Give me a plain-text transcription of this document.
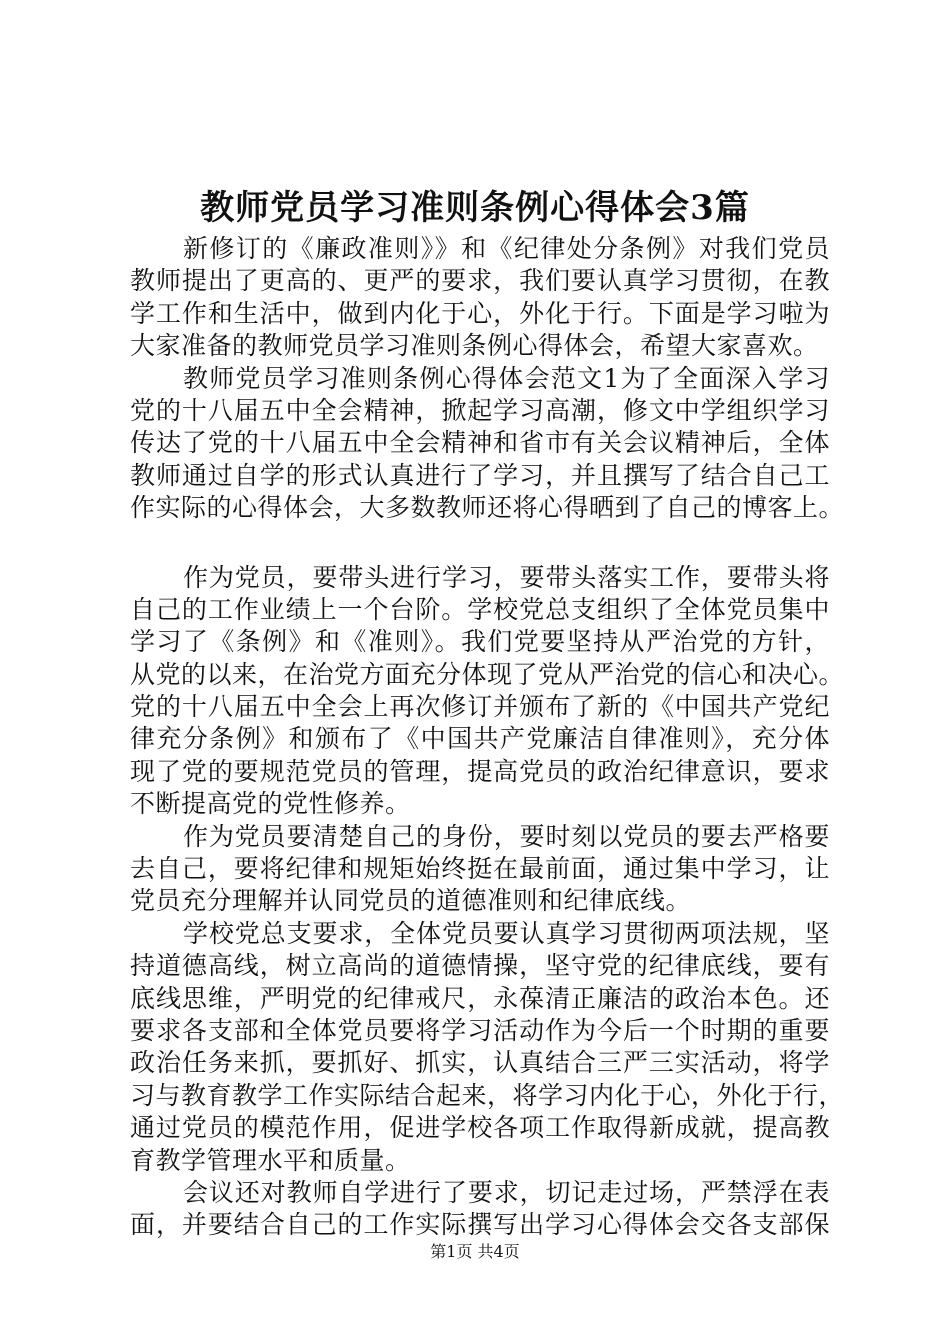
教师党员学习准则条例心得体会3篇
新修订的《廉政准则》》和《纪律处分条例》对我们党员
教师提出了更高的、更严的要求，我们要认真学习贯彻，在教
学工作和生活中，做到内化于心，外化于行。下面是学习啦为
大家准备的教师党员学习准则条例心得体会，希望大家喜欢。
教师党员学习准则条例心得体会范文1为了全面深入学习
党的十八届五中全会精神，掀起学习高潮，修文中学组织学习
传达了党的十八届五中全会精神和省市有关会议精神后，全体
教师通过自学的形式认真进行了学习，并且撰写了结合自己工
作实际的心得体会，大多数教师还将心得晒到了自己的博客上。
作为党员，要带头进行学习，要带头落实工作，要带头将
自己的工作业绩上一个台阶。学校党总支组织了全体党员集中
学习了《条例》和《准则》。我们党要坚持从严治党的方针，
从党的以来，在治党方面充分体现了党从严治党的信心和决心。
党的十八届五中全会上再次修订并颁布了新的《中国共产党纪
律充分条例》和颁布了《中国共产党廉洁自律准则》，充分体
现了党的要规范党员的管理，提高党员的政治纪律意识，要求
不断提高党的党性修养。
作为党员要清楚自己的身份，要时刻以党员的要去严格要
去自己，要将纪律和规矩始终挺在最前面，通过集中学习，让
党员充分理解并认同党员的道德准则和纪律底线。
学校党总支要求，全体党员要认真学习贯彻两项法规，坚
持道德高线，树立高尚的道德情操，坚守党的纪律底线，要有
底线思维，严明党的纪律戒尺，永葆清正廉洁的政治本色。还
要求各支部和全体党员要将学习活动作为今后一个时期的重要
政治任务来抓，要抓好、抓实，认真结合三严三实活动，将学
习与教育教学工作实际结合起来，将学习内化于心，外化于行，
通过党员的模范作用，促进学校各项工作取得新成就，提高教
育教学管理水平和质量。
会议还对教师自学进行了要求，切记走过场，严禁浮在表
面，并要结合自己的工作实际撰写出学习心得体会交各支部保
第1页 共4页
